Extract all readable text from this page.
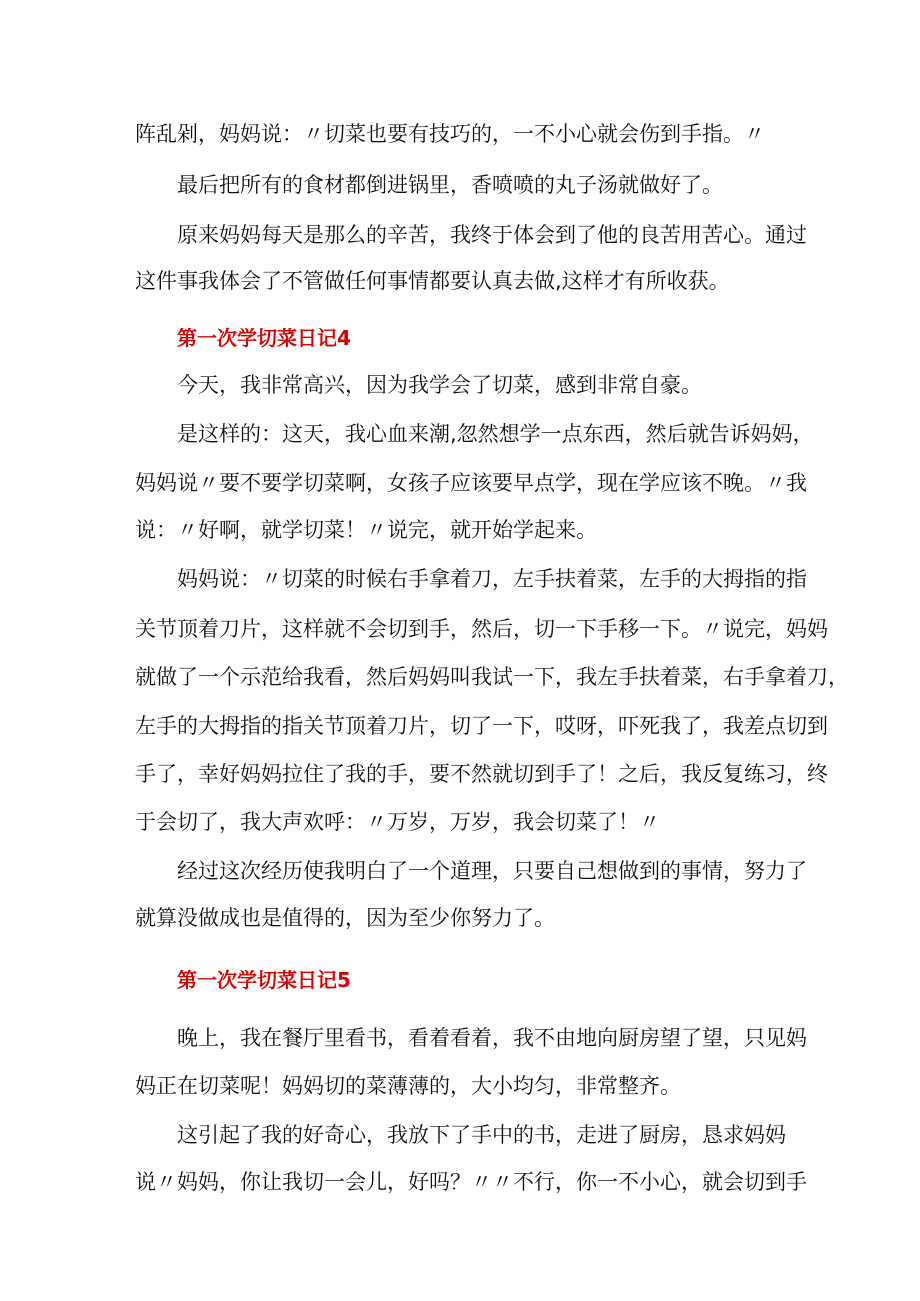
阵乱剁，妈妈说：〃切菜也要有技巧的，一不小心就会伤到手指。〃
最后把所有的食材都倒进锅里，香喷喷的丸子汤就做好了。
原来妈妈每天是那么的辛苦，我终于体会到了他的良苦用苦心。通过
这件事我体会了不管做任何事情都要认真去做,这样才有所收获。
第一次学切菜日记4
今天，我非常高兴，因为我学会了切菜，感到非常自豪。
是这样的：这天，我心血来潮,忽然想学一点东西，然后就告诉妈妈，
妈妈说〃要不要学切菜啊，女孩子应该要早点学，现在学应该不晚。〃我
说：〃好啊，就学切菜！〃说完，就开始学起来。
妈妈说：〃切菜的时候右手拿着刀，左手扶着菜，左手的大拇指的指
关节顶着刀片，这样就不会切到手，然后，切一下手移一下。〃说完，妈妈
就做了一个示范给我看，然后妈妈叫我试一下，我左手扶着菜，右手拿着刀，
左手的大拇指的指关节顶着刀片，切了一下，哎呀，吓死我了，我差点切到
手了，幸好妈妈拉住了我的手，要不然就切到手了！之后，我反复练习，终
于会切了，我大声欢呼：〃万岁，万岁，我会切菜了！〃
经过这次经历使我明白了一个道理，只要自己想做到的事情，努力了
就算没做成也是值得的，因为至少你努力了。
第一次学切菜日记5
晚上，我在餐厅里看书，看着看着，我不由地向厨房望了望，只见妈
妈正在切菜呢！妈妈切的菜薄薄的，大小均匀，非常整齐。
这引起了我的好奇心，我放下了手中的书，走进了厨房，恳求妈妈
说〃妈妈，你让我切一会儿，好吗？〃〃不行，你一不小心，就会切到手
